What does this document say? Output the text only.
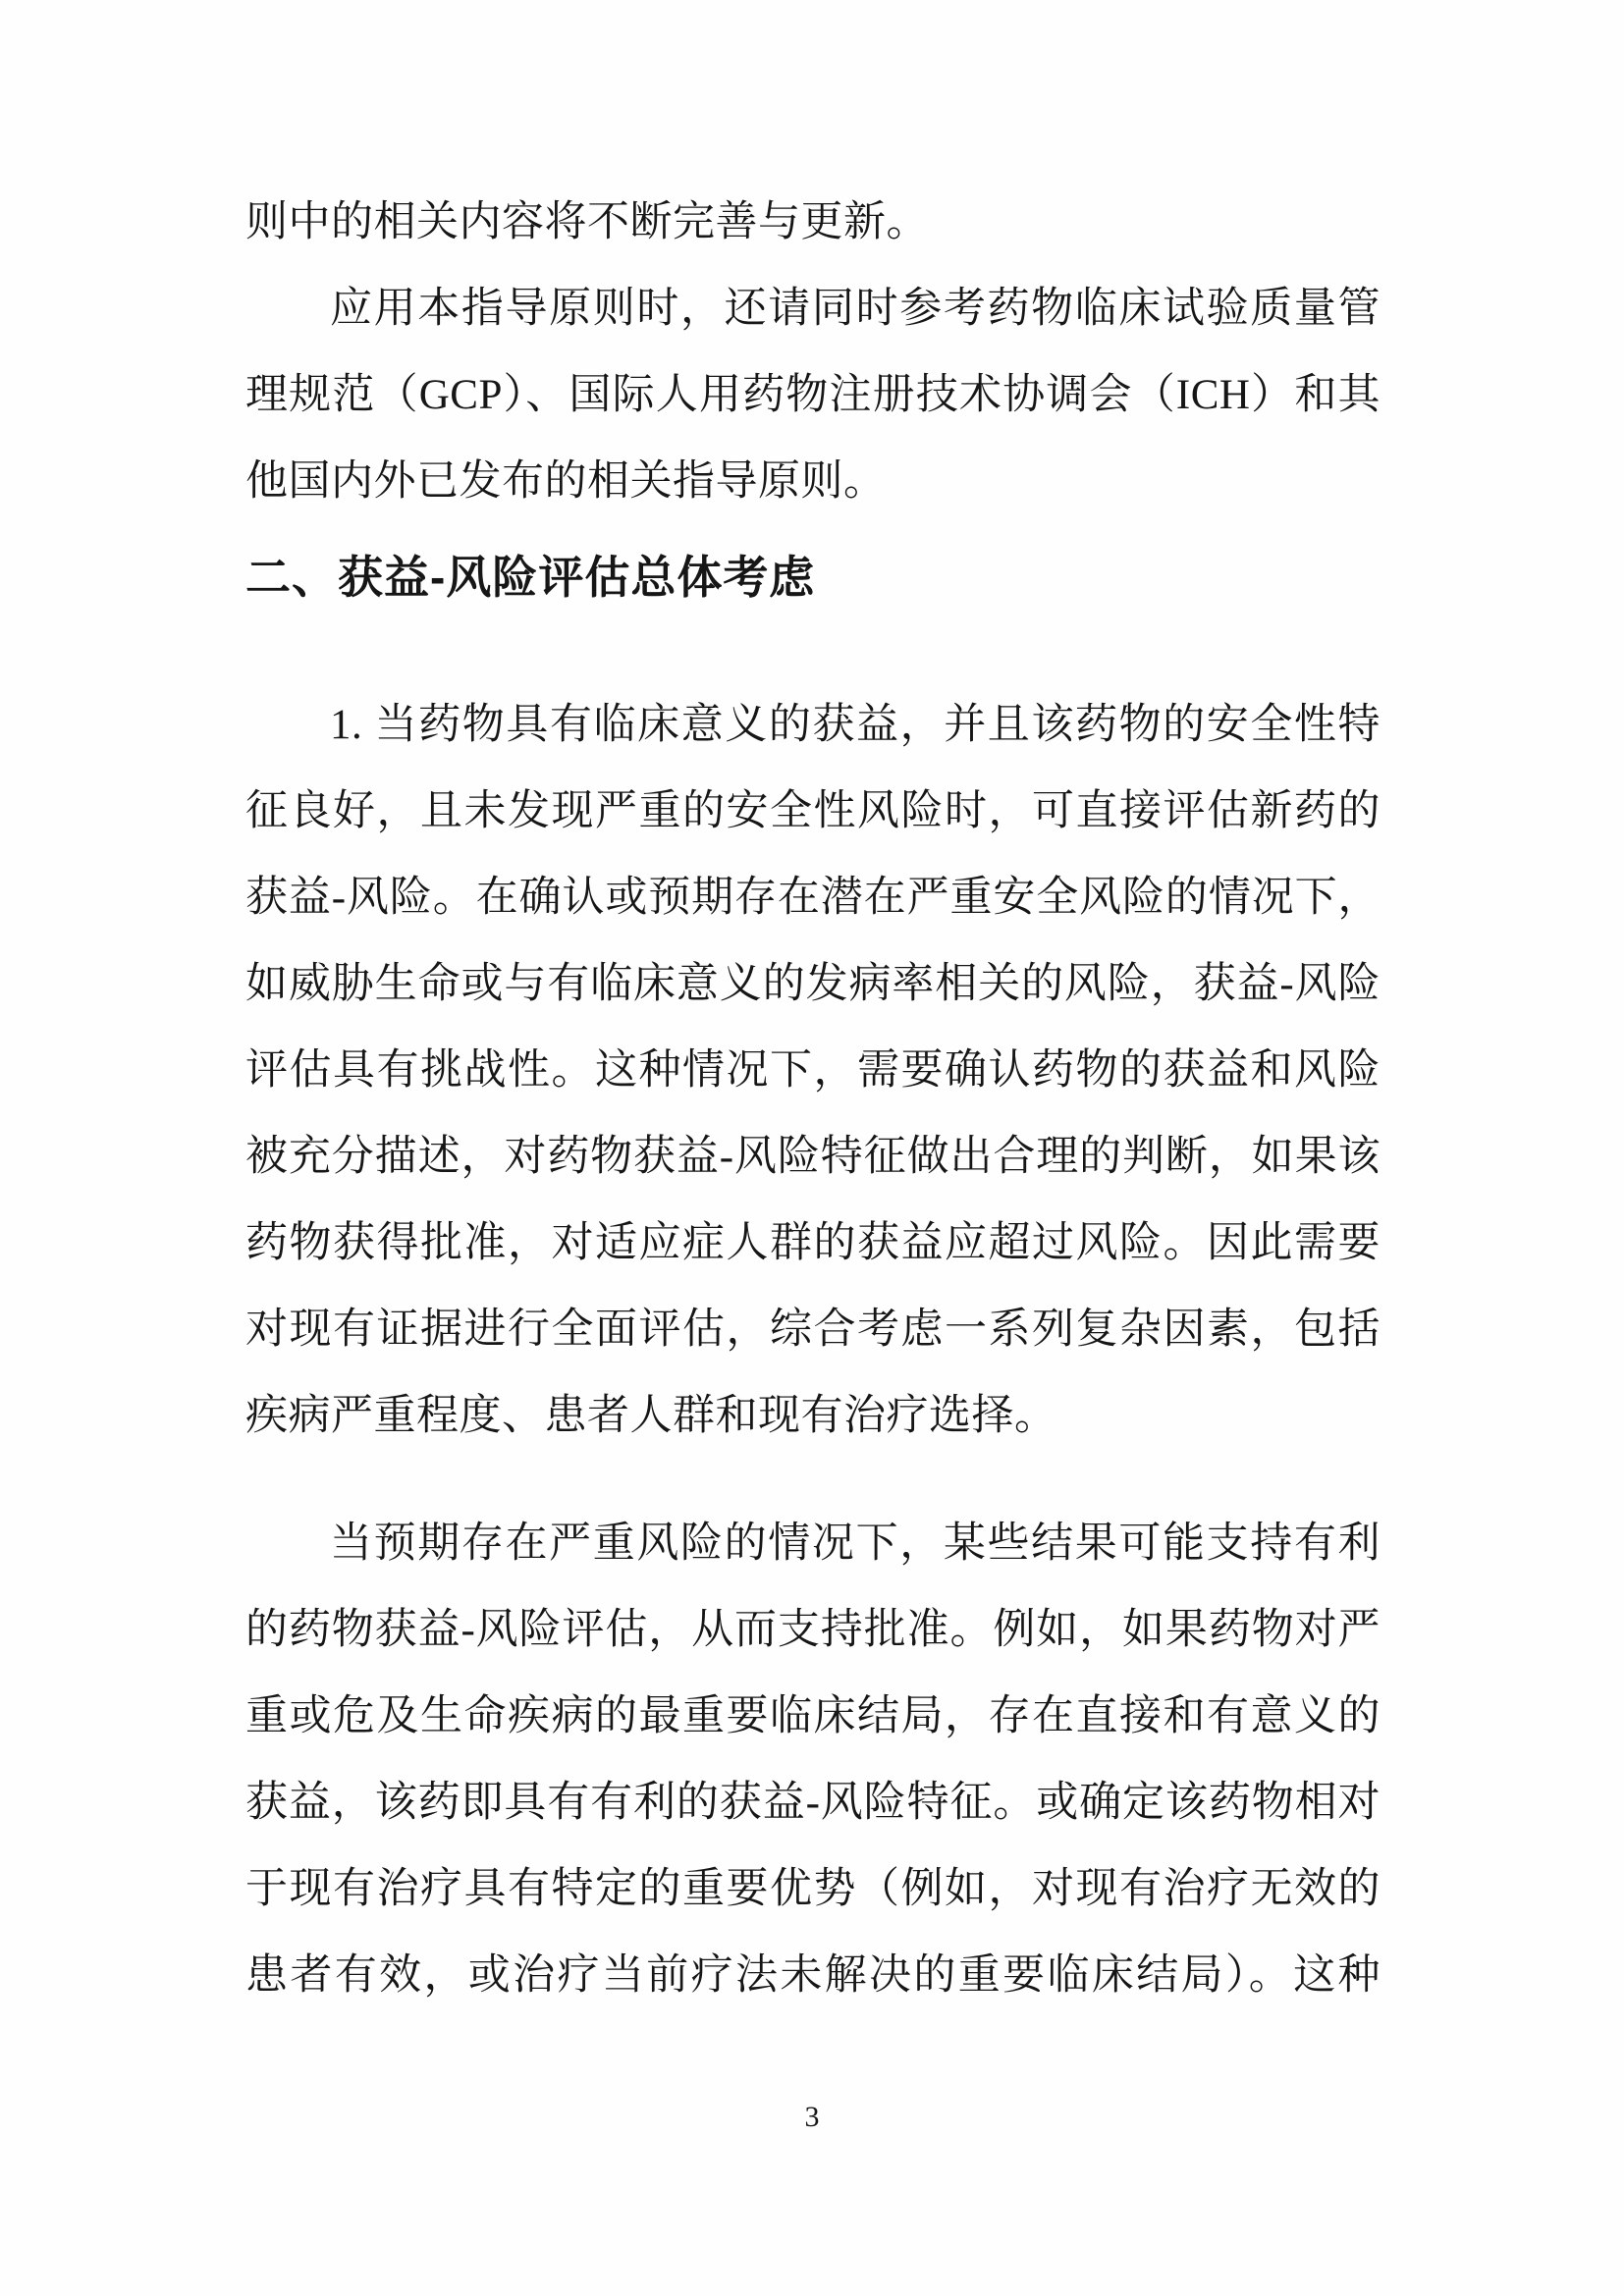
则中的相关内容将不断完善与更新。
应用本指导原则时，还请同时参考药物临床试验质量管
理规范（GCP）、国际人用药物注册技术协调会（ICH）和其
他国内外已发布的相关指导原则。
二、获益-风险评估总体考虑
1. 当药物具有临床意义的获益，并且该药物的安全性特
征良好，且未发现严重的安全性风险时，可直接评估新药的
获益-风险。在确认或预期存在潜在严重安全风险的情况下，
如威胁生命或与有临床意义的发病率相关的风险，获益-风险
评估具有挑战性。这种情况下，需要确认药物的获益和风险
被充分描述，对药物获益-风险特征做出合理的判断，如果该
药物获得批准，对适应症人群的获益应超过风险。因此需要
对现有证据进行全面评估，综合考虑一系列复杂因素，包括
疾病严重程度、患者人群和现有治疗选择。
当预期存在严重风险的情况下，某些结果可能支持有利
的药物获益-风险评估，从而支持批准。例如，如果药物对严
重或危及生命疾病的最重要临床结局，存在直接和有意义的
获益，该药即具有有利的获益-风险特征。或确定该药物相对
于现有治疗具有特定的重要优势（例如，对现有治疗无效的
患者有效，或治疗当前疗法未解决的重要临床结局）。这种
3
